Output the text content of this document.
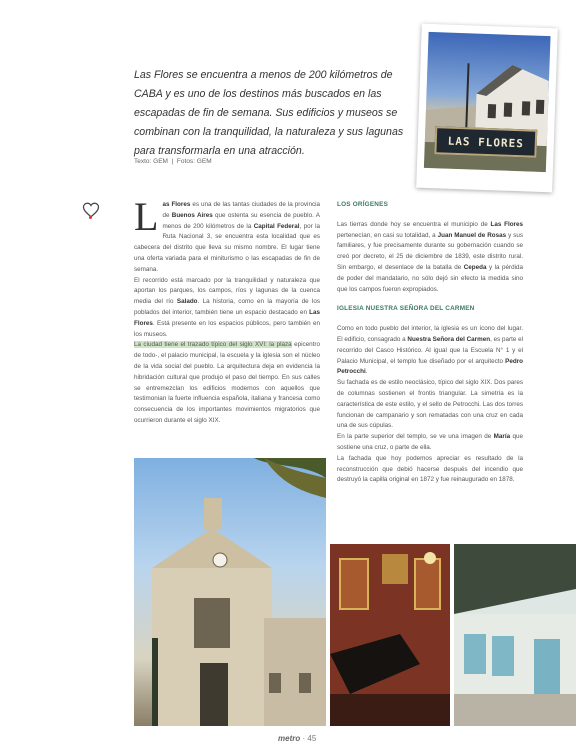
Las Flores se encuentra a menos de 200 kilómetros de CABA y es uno de los destinos más buscados en las escapadas de fin de semana. Sus edificios y museos se combinan con la tranquilidad, la naturaleza y sus lagunas para transformarla en una atracción.
Texto: GEM | Fotos: GEM
LAS FLORES

Las Flores es una de las tantas ciudades de la provincia de Buenos Aires que ostenta su esencia de pueblo. A menos de 200 kilómetros de la Capital Federal, por la Ruta Nacional 3, se encuentra esta localidad que es cabecera del distrito que lleva su mismo nombre. El lugar tiene una oferta variada para el miniturismo o las escapadas de fin de semana.

El recorrido está marcado por la tranquilidad y naturaleza que aportan los parques, los campos, ríos y lagunas de la cuenca media del río Salado. La historia, como en la mayoría de los poblados del interior, también tiene un espacio destacado en Las Flores. Está presente en los espacios públicos, pero también en los museos.

La ciudad tiene el trazado típico del siglo XVI: la plaza epicentro de todo-, el palacio municipal, la escuela y la iglesia son el núcleo de la vida social del pueblo. La arquitectura deja en evidencia la hibridación cultural que produjo el paso del tiempo. En sus calles se entremezclan los edificios modernos con aquellos que testimonian la fuerte influencia española, italiana y francesa como consecuencia de los importantes movimientos migratorios que ocurrieron durante el siglo XIX.

LOS ORÍGENES

Las tierras donde hoy se encuentra el municipio de Las Flores pertenecían, en casi su totalidad, a Juan Manuel de Rosas y sus familiares, y fue precisamente durante su gobernación cuando se creó por decreto, el 25 de diciembre de 1839, este distrito rural. Sin embargo, el desenlace de la batalla de Cepeda y la pérdida de poder del mandatario, no sólo dejó sin efecto la medida sino que los campos fueron expropiados.

IGLESIA NUESTRA SEÑORA DEL CARMEN

Como en todo pueblo del interior, la iglesia es un ícono del lugar. El edificio, consagrado a Nuestra Señora del Carmen, es parte el recorrido del Casco Histórico. Al igual que la Escuela N° 1 y el Palacio Municipal, el templo fue diseñado por el arquitecto Pedro Petrocchi.

Su fachada es de estilo neoclásico, típico del siglo XIX. Dos pares de columnas sostienen el frontis triangular. La simetría es la característica de este estilo, y el sello de Petrocchi. Las dos torres funcionan de campanario y son rematadas con una cruz en cada una de sus cúpulas.

En la parte superior del templo, se ve una imagen de María que sostiene una cruz, o parte de ella.

La fachada que hoy podemos apreciar es resultado de la reconstrucción que debió hacerse después del incendio que destruyó la capilla original en 1872 y fue reinaugurado en 1878.

metro · 45
